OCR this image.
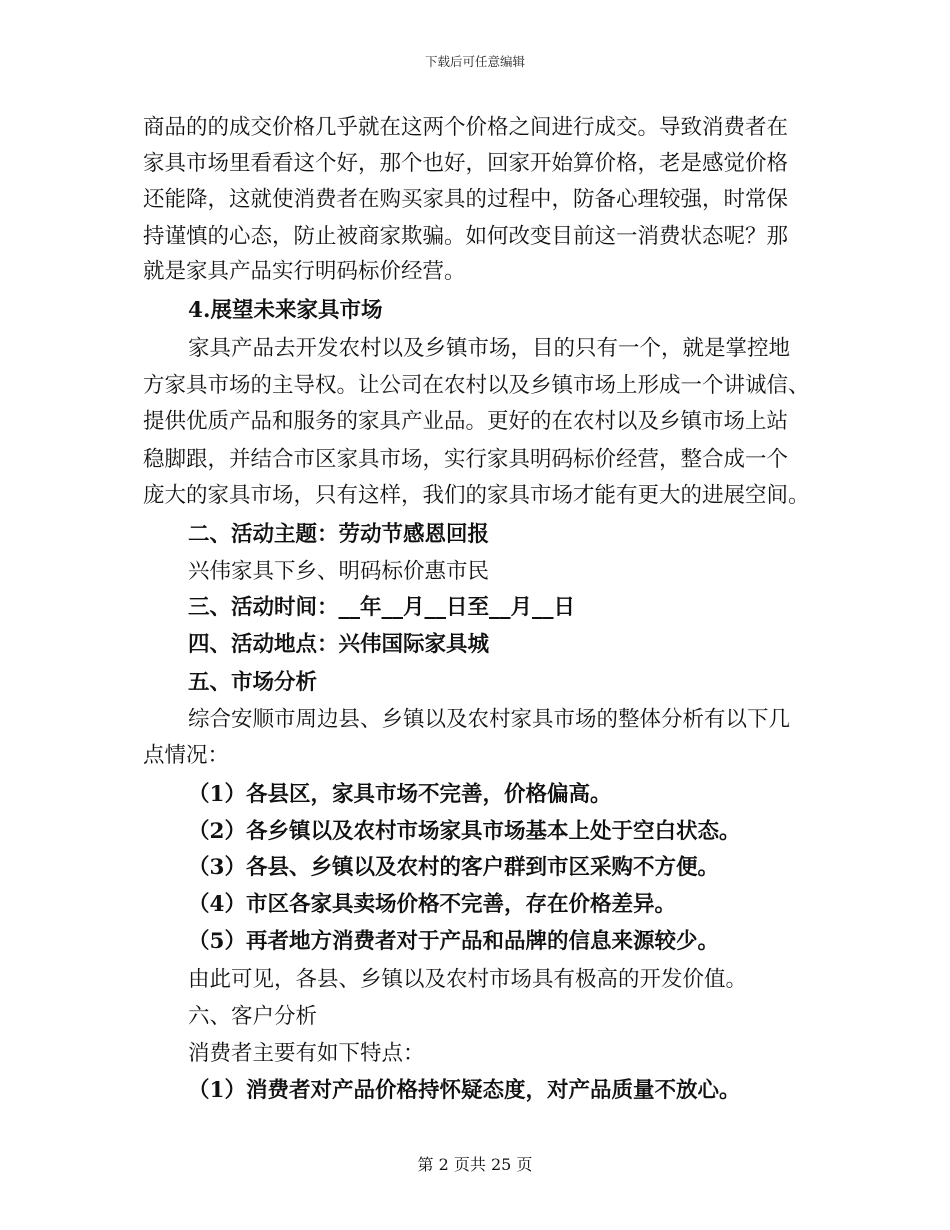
下载后可任意编辑
商品的的成交价格几乎就在这两个价格之间进行成交。导致消费者在
家具市场里看看这个好，那个也好，回家开始算价格，老是感觉价格
还能降，这就使消费者在购买家具的过程中，防备心理较强，时常保
持谨慎的心态，防止被商家欺骗。如何改变目前这一消费状态呢？那
就是家具产品实行明码标价经营。
4.展望未来家具市场
家具产品去开发农村以及乡镇市场，目的只有一个，就是掌控地
方家具市场的主导权。让公司在农村以及乡镇市场上形成一个讲诚信、
提供优质产品和服务的家具产业品。更好的在农村以及乡镇市场上站
稳脚跟，并结合市区家具市场，实行家具明码标价经营，整合成一个
庞大的家具市场，只有这样，我们的家具市场才能有更大的进展空间。
二、活动主题：劳动节感恩回报
兴伟家具下乡、明码标价惠市民
三、活动时间：__年__月__日至__月__日
四、活动地点：兴伟国际家具城
五、市场分析
综合安顺市周边县、乡镇以及农村家具市场的整体分析有以下几
点情况：
（1）各县区，家具市场不完善，价格偏高。
（2）各乡镇以及农村市场家具市场基本上处于空白状态。
（3）各县、乡镇以及农村的客户群到市区采购不方便。
（4）市区各家具卖场价格不完善，存在价格差异。
（5）再者地方消费者对于产品和品牌的信息来源较少。
由此可见，各县、乡镇以及农村市场具有极高的开发价值。
六、客户分析
消费者主要有如下特点：
（1）消费者对产品价格持怀疑态度，对产品质量不放心。
第 2 页共 25 页
